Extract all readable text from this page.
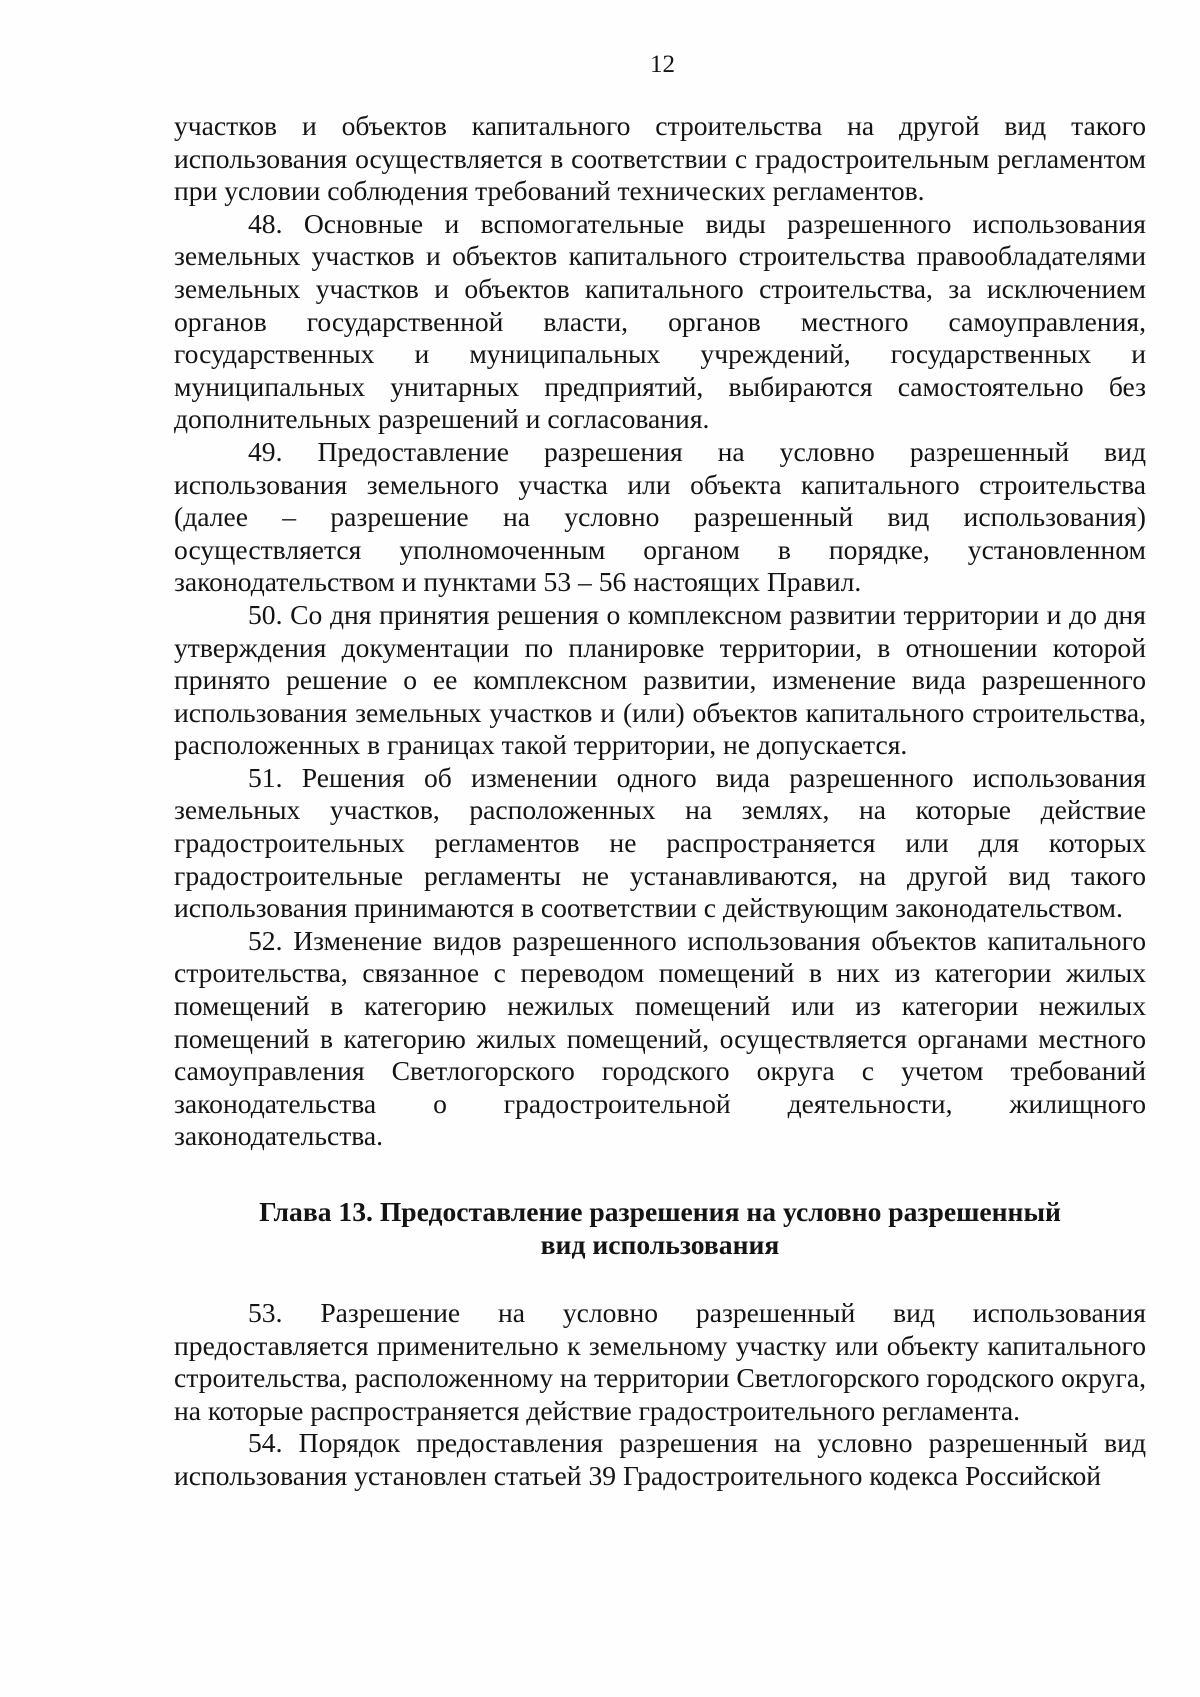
12

участков и объектов капитального строительства на другой вид такого использования осуществляется в соответствии с градостроительным регламентом при условии соблюдения требований технических регламентов.

48. Основные и вспомогательные виды разрешенного использования земельных участков и объектов капитального строительства правообладателями земельных участков и объектов капитального строительства, за исключением органов государственной власти, органов местного самоуправления, государственных и муниципальных учреждений, государственных и муниципальных унитарных предприятий, выбираются самостоятельно без дополнительных разрешений и согласования.

49. Предоставление разрешения на условно разрешенный вид использования земельного участка или объекта капитального строительства (далее – разрешение на условно разрешенный вид использования) осуществляется уполномоченным органом в порядке, установленном законодательством и пунктами 53 – 56 настоящих Правил.

50. Со дня принятия решения о комплексном развитии территории и до дня утверждения документации по планировке территории, в отношении которой принято решение о ее комплексном развитии, изменение вида разрешенного использования земельных участков и (или) объектов капитального строительства, расположенных в границах такой территории, не допускается.

51. Решения об изменении одного вида разрешенного использования земельных участков, расположенных на землях, на которые действие градостроительных регламентов не распространяется или для которых градостроительные регламенты не устанавливаются, на другой вид такого использования принимаются в соответствии с действующим законодательством.

52. Изменение видов разрешенного использования объектов капитального строительства, связанное с переводом помещений в них из категории жилых помещений в категорию нежилых помещений или из категории нежилых помещений в категорию жилых помещений, осуществляется органами местного самоуправления Светлогорского городского округа с учетом требований законодательства о градостроительной деятельности, жилищного законодательства.

Глава 13. Предоставление разрешения на условно разрешенный
вид использования

53. Разрешение на условно разрешенный вид использования предоставляется применительно к земельному участку или объекту капитального строительства, расположенному на территории Светлогорского городского округа, на которые распространяется действие градостроительного регламента.

54. Порядок предоставления разрешения на условно разрешенный вид использования установлен статьей 39 Градостроительного кодекса Российской
